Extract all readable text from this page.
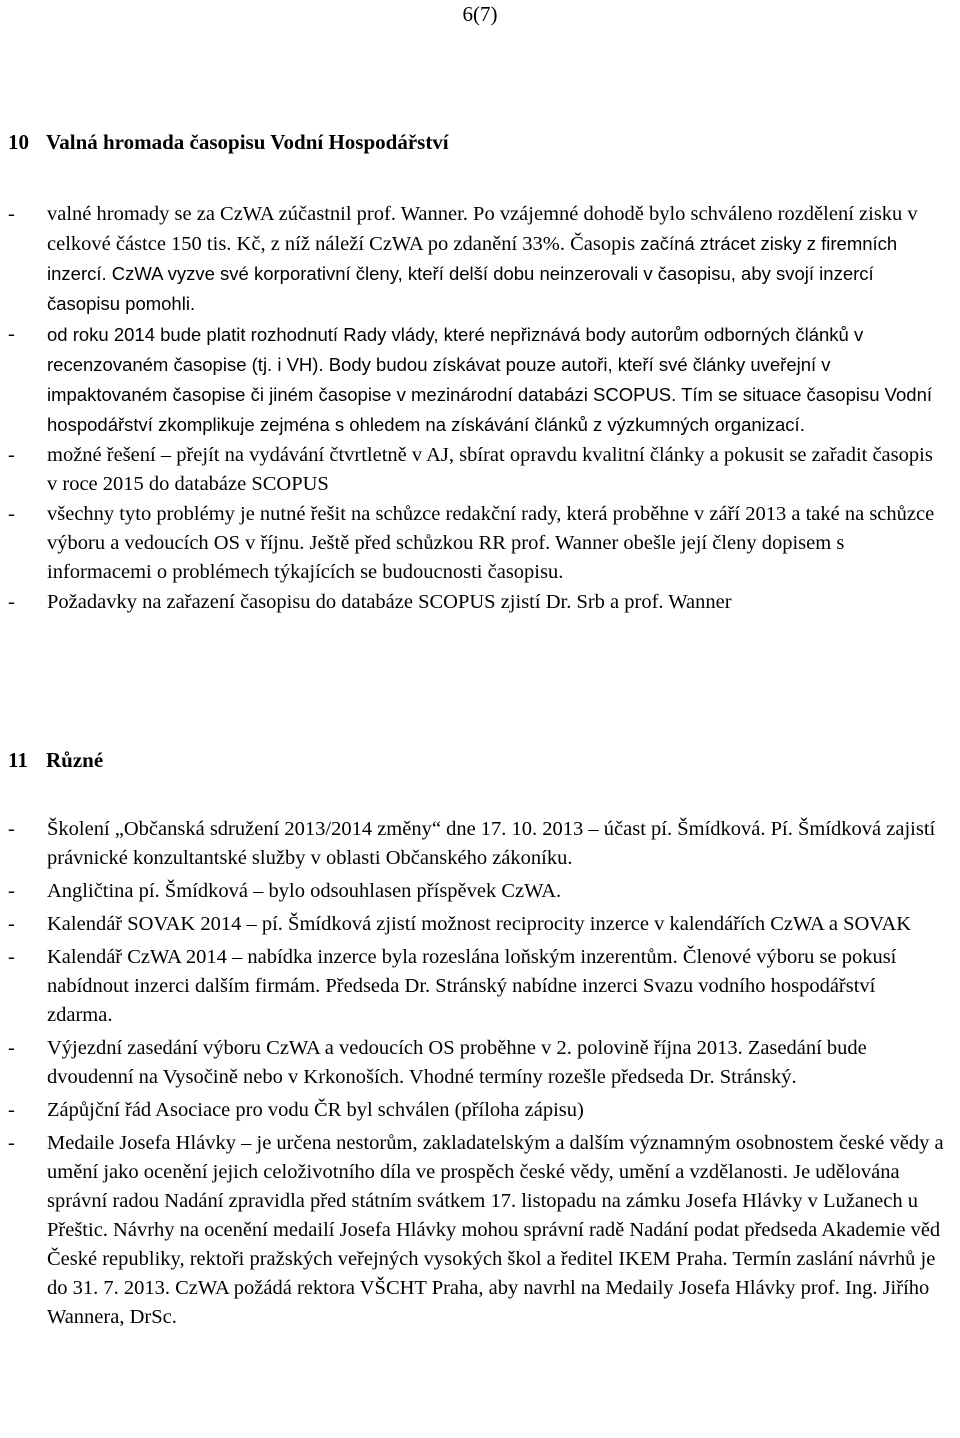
6(7)
10 Valná hromada časopisu Vodní Hospodářství
- valné hromady se za CzWA zúčastnil prof. Wanner. Po vzájemné dohodě bylo schváleno rozdělení zisku v celkové částce 150 tis. Kč, z níž náleží CzWA po zdanění 33%. Časopis začíná ztrácet zisky z firemních inzercí. CzWA vyzve své korporativní členy, kteří delší dobu neinzerovali v časopisu, aby svojí inzercí časopisu pomohli.
- od roku 2014 bude platit rozhodnutí Rady vlády, které nepřiznává body autorům odborných článků v recenzovaném časopise (tj. i VH). Body budou získávat pouze autoři, kteří své články uveřejní v impaktovaném časopise či jiném časopise v mezinárodní databázi SCOPUS. Tím se situace časopisu Vodní hospodářství zkomplikuje zejména s ohledem na získávání článků z výzkumných organizací.
- možné řešení – přejít na vydávání čtvrtletně v AJ, sbírat opravdu kvalitní články a pokusit se zařadit časopis v roce 2015 do databáze SCOPUS
- všechny tyto problémy je nutné řešit na schůzce redakční rady, která proběhne v září 2013 a také na schůzce výboru a vedoucích OS v říjnu. Ještě před schůzkou RR prof. Wanner obešle její členy dopisem s informacemi o problémech týkajících se budoucnosti časopisu.
- Požadavky na zařazení časopisu do databáze SCOPUS zjistí Dr. Srb a prof. Wanner
11 Různé
- Školení „Občanská sdružení 2013/2014 změny“ dne 17. 10. 2013 – účast pí. Šmídková. Pí. Šmídková zajistí právnické konzultantské služby v oblasti Občanského zákoníku.
- Angličtina pí. Šmídková – bylo odsouhlasen příspěvek CzWA.
- Kalendář SOVAK 2014 – pí. Šmídková zjistí možnost reciprocity inzerce v kalendářích CzWA a SOVAK
- Kalendář CzWA 2014 – nabídka inzerce byla rozeslána loňským inzerentům. Členové výboru se pokusí nabídnout inzerci dalším firmám. Předseda Dr. Stránský nabídne inzerci Svazu vodního hospodářství zdarma.
- Výjezdní zasedání výboru CzWA a vedoucích OS proběhne v 2. polovině října 2013. Zasedání bude dvoudenní na Vysočině nebo v Krkonoších. Vhodné termíny rozešle předseda Dr. Stránský.
- Zápůjční řád Asociace pro vodu ČR byl schválen (příloha zápisu)
- Medaile Josefa Hlávky – je určena nestorům, zakladatelským a dalším významným osobnostem české vědy a umění jako ocenění jejich celoživotního díla ve prospěch české vědy, umění a vzdělanosti. Je udělována správní radou Nadání zpravidla před státním svátkem 17. listopadu na zámku Josefa Hlávky v Lužanech u Přeštic. Návrhy na ocenění medailí Josefa Hlávky mohou správní radě Nadání podat předseda Akademie věd České republiky, rektoři pražských veřejných vysokých škol a ředitel IKEM Praha. Termín zaslání návrhů je do 31. 7. 2013. CzWA požádá rektora VŠCHT Praha, aby navrhl na Medaily Josefa Hlávky prof. Ing. Jiřího Wannera, DrSc.
